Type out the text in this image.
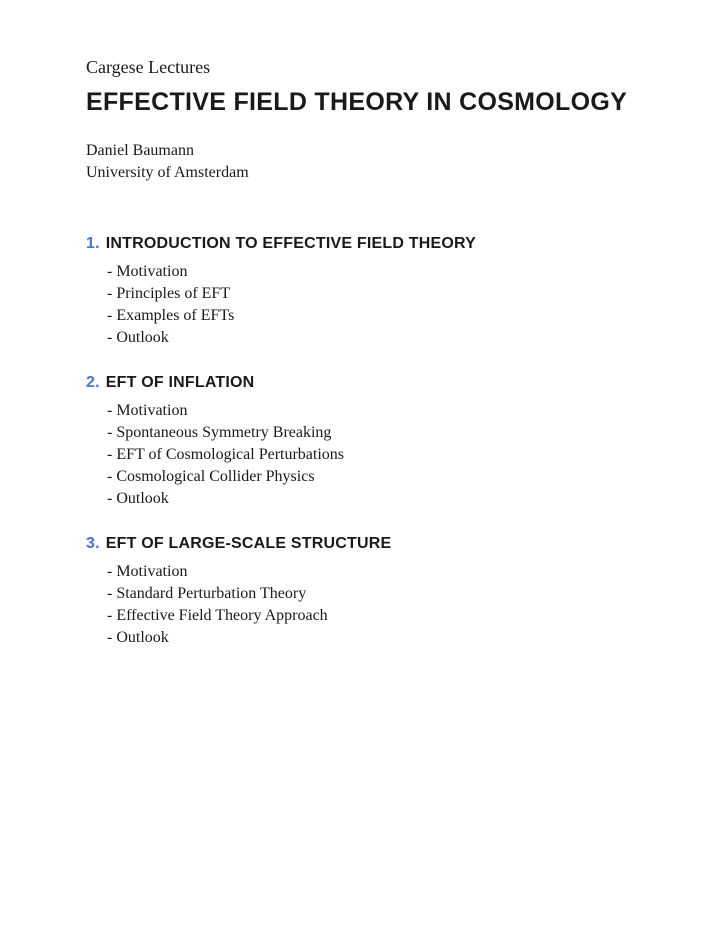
Cargese Lectures

EFFECTIVE FIELD THEORY IN COSMOLOGY
Daniel Baumann
University of Amsterdam
1. INTRODUCTION TO EFFECTIVE FIELD THEORY
- Motivation
- Principles of EFT
- Examples of EFTs
- Outlook
2. EFT OF INFLATION
- Motivation
- Spontaneous Symmetry Breaking
- EFT of Cosmological Perturbations
- Cosmological Collider Physics
- Outlook
3. EFT OF LARGE-SCALE STRUCTURE
- Motivation
- Standard Perturbation Theory
- Effective Field Theory Approach
- Outlook
